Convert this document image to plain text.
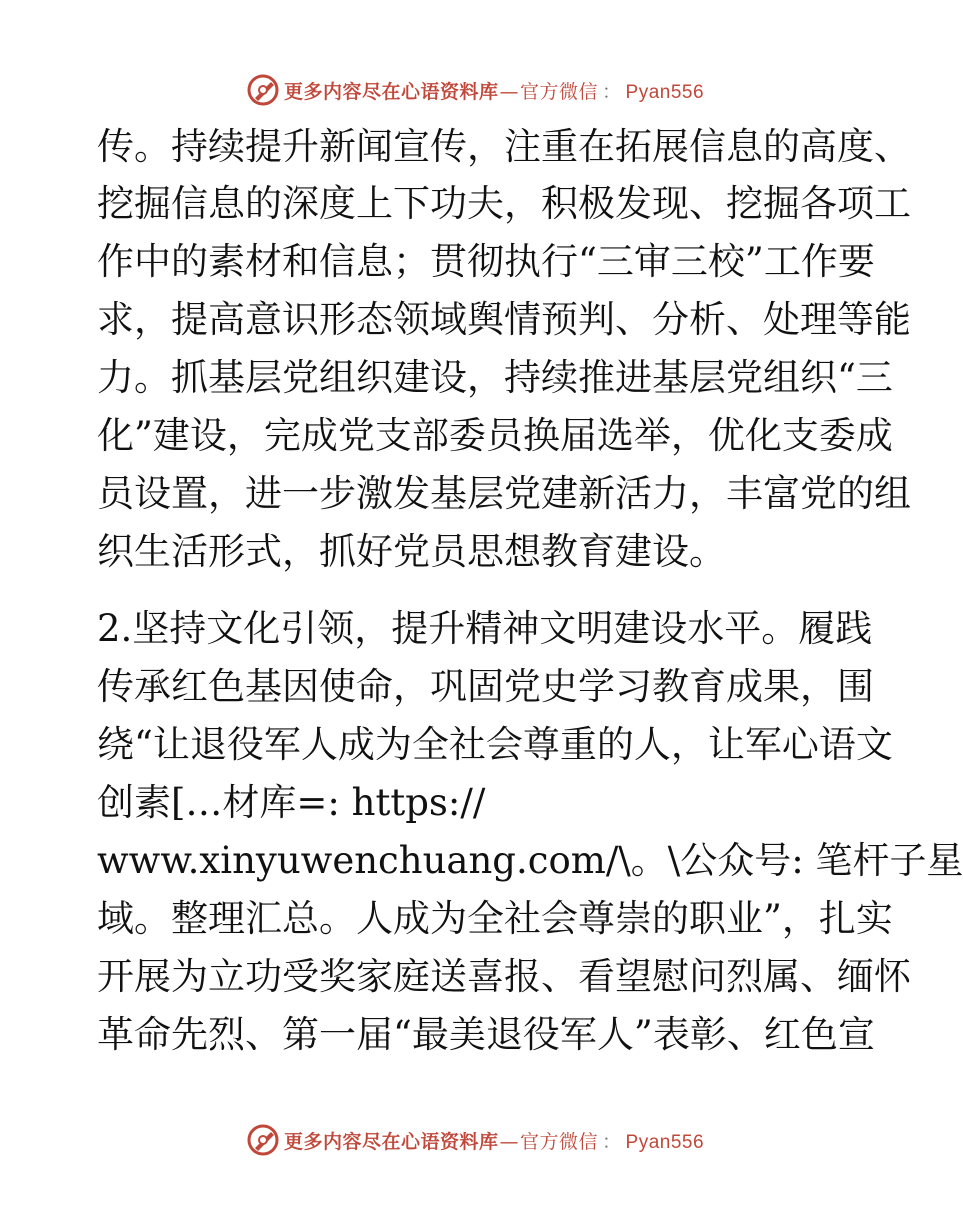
更多内容尽在心语资料库 — 官方微信 ： Pyan556
传。持续提升新闻宣传，注重在拓展信息的高度、
挖掘信息的深度上下功夫，积极发现、挖掘各项工
作中的素材和信息；贯彻执行“三审三校”工作要
求，提高意识形态领域舆情预判、分析、处理等能
力。抓基层党组织建设，持续推进基层党组织“三
化”建设，完成党支部委员换届选举，优化支委成
员设置，进一步激发基层党建新活力，丰富党的组
织生活形式，抓好党员思想教育建设。
2.坚持文化引领，提升精神文明建设水平。履践
传承红色基因使命，巩固党史学习教育成果，围
绕“让退役军人成为全社会尊重的人，让军心语文
创素[…材库=: https://
www.xinyuwenchuang.com/\。\公众号: 笔杆子星
域。整理汇总。人成为全社会尊崇的职业”，扎实
开展为立功受奖家庭送喜报、看望慰问烈属、缅怀
革命先烈、第一届“最美退役军人”表彰、红色宣
更多内容尽在心语资料库 — 官方微信 ： Pyan556
